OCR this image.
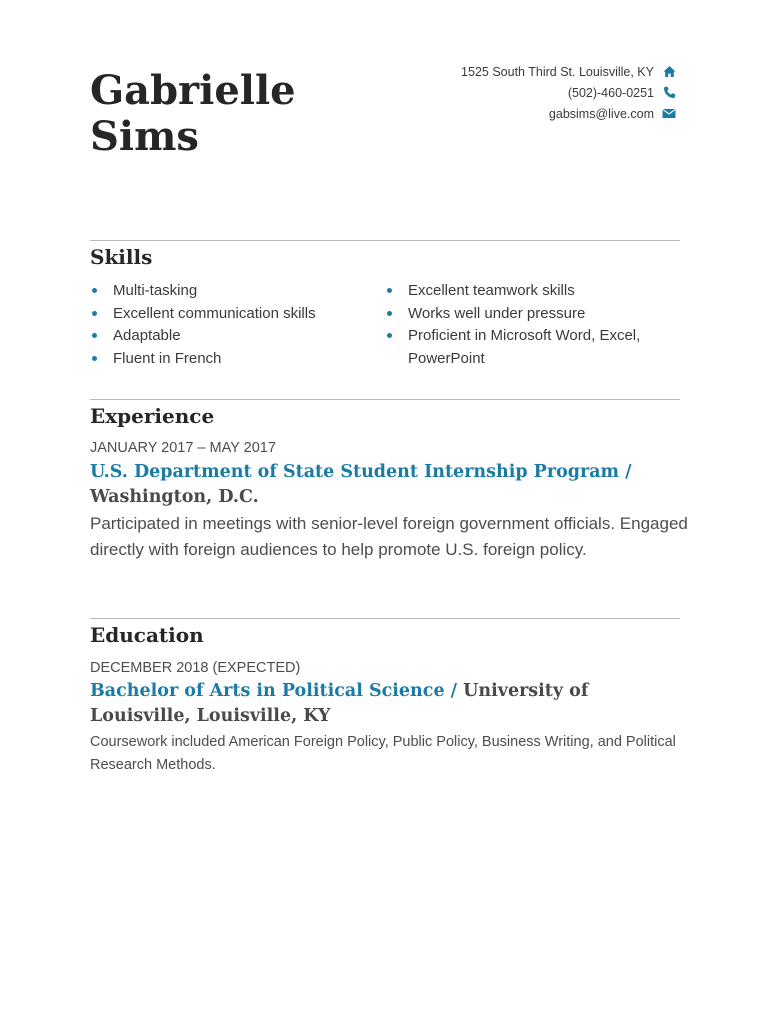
Gabrielle
Sims
1525 South Third St. Louisville, KY
(502)-460-0251
gabsims@live.com
Skills
Multi-tasking
Excellent communication skills
Adaptable
Fluent in French
Excellent teamwork skills
Works well under pressure
Proficient in Microsoft Word, Excel, PowerPoint
Experience
JANUARY 2017 – MAY 2017
U.S. Department of State Student Internship Program /
Washington, D.C.

Participated in meetings with senior-level foreign government officials. Engaged directly with foreign audiences to help promote U.S. foreign policy.

Education
DECEMBER 2018 (EXPECTED)
Bachelor of Arts in Political Science / University of Louisville, Louisville, KY

Coursework included American Foreign Policy, Public Policy, Business Writing, and Political Research Methods.
